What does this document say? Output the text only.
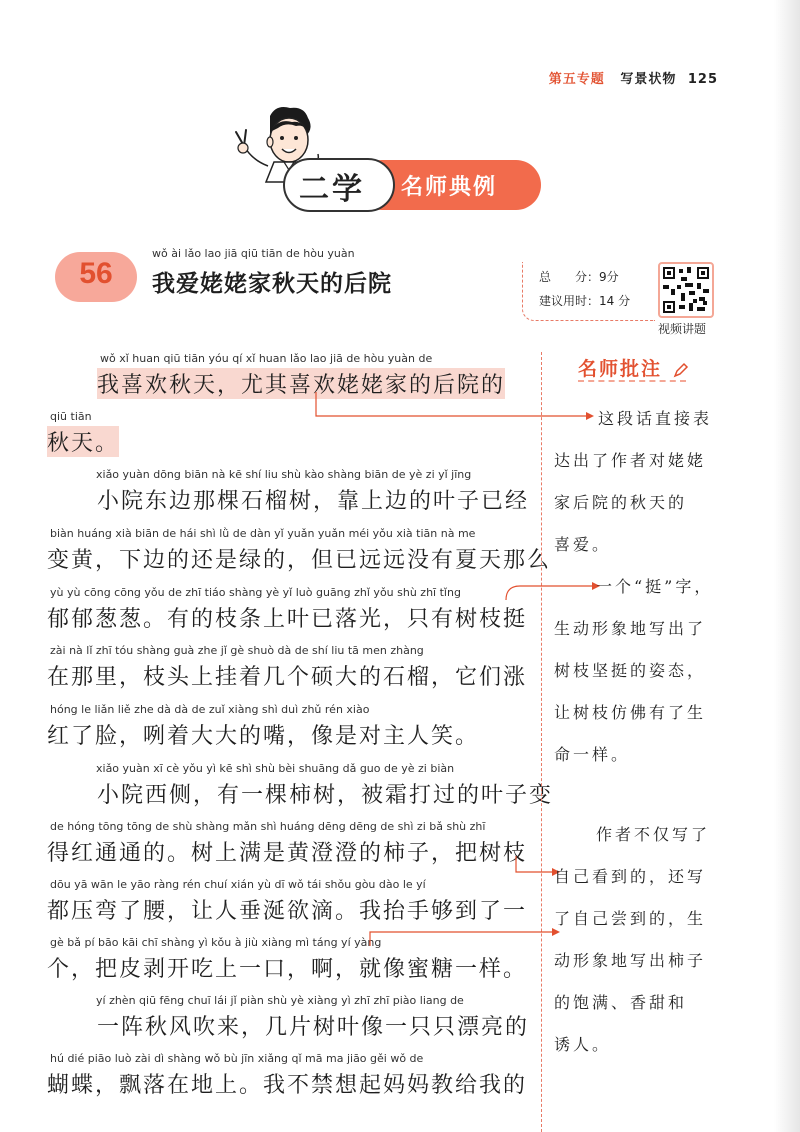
第五专题 写景状物 125
二学 名师典例
56
wǒ ài lǎo lao jiā qiū tiān de hòu yuàn
我爱姥姥家秋天的后院	总　　分：9分
建议用时：14 分
视频讲题
wǒ xǐ huan qiū tiān yóu qí xǐ huan lǎo lao jiā de hòu yuàn de
我喜欢秋天，尤其喜欢姥姥家的后院的
qiū tiān
秋天。
xiǎo yuàn dōng biān nà kē shí liu shù kào shàng biān de yè zi yǐ jīng
小院东边那棵石榴树，靠上边的叶子已经
biàn huáng xià biān de hái shì lǜ de dàn yǐ yuǎn yuǎn méi yǒu xià tiān nà me
变黄，下边的还是绿的，但已远远没有夏天那么
yù yù cōng cōng yǒu de zhī tiáo shàng yè yǐ luò guāng zhǐ yǒu shù zhī tǐng
郁郁葱葱。有的枝条上叶已落光，只有树枝挺
zài nà lǐ zhī tóu shàng guà zhe jǐ gè shuò dà de shí liu tā men zhàng
在那里，枝头上挂着几个硕大的石榴，它们涨
hóng le liǎn liě zhe dà dà de zuǐ xiàng shì duì zhǔ rén xiào
红了脸，咧着大大的嘴，像是对主人笑。
xiǎo yuàn xī cè yǒu yì kē shì shù bèi shuāng dǎ guo de yè zi biàn
小院西侧，有一棵柿树，被霜打过的叶子变
de hóng tōng tōng de shù shàng mǎn shì huáng dēng dēng de shì zi bǎ shù zhī
得红通通的。树上满是黄澄澄的柿子，把树枝
dōu yā wān le yāo ràng rén chuí xián yù dī wǒ tái shǒu gòu dào le yí
都压弯了腰，让人垂涎欲滴。我抬手够到了一
gè bǎ pí bāo kāi chī shàng yì kǒu à jiù xiàng mì táng yí yàng
个，把皮剥开吃上一口，啊，就像蜜糖一样。
yí zhèn qiū fēng chuī lái jǐ piàn shù yè xiàng yì zhī zhī piào liang de
一阵秋风吹来，几片树叶像一只只漂亮的
hú dié piāo luò zài dì shàng wǒ bù jīn xiǎng qǐ mā ma jiāo gěi wǒ de
蝴蝶，飘落在地上。我不禁想起妈妈教给我的
名师批注
这段话直接表
达出了作者对姥姥
家后院的秋天的
喜爱。
一个“挺”字，
生动形象地写出了
树枝坚挺的姿态，
让树枝仿佛有了生
命一样。
作者不仅写了
自己看到的，还写
了自己尝到的，生
动形象地写出柿子
的饱满、香甜和
诱人。
